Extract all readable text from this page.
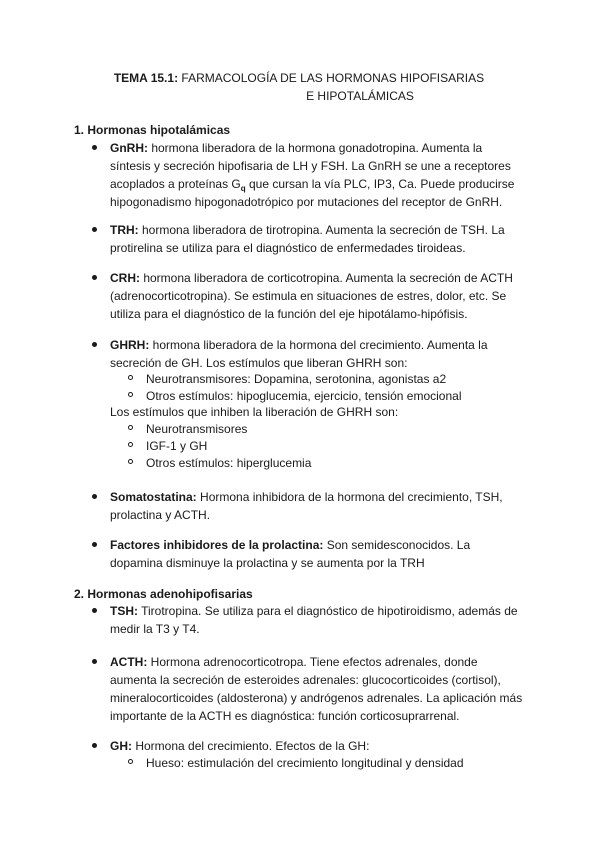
TEMA 15.1: FARMACOLOGÍA DE LAS HORMONAS HIPOFISARIAS
E HIPOTALÁMICAS
1. Hormonas hipotalámicas
GnRH: hormona liberadora de la hormona gonadotropina. Aumenta la
síntesis y secreción hipofisaria de LH y FSH. La GnRH se une a receptores
acoplados a proteínas $G_q$ que cursan la vía PLC, IP3, Ca. Puede producirse
hipogonadismo hipogonadotrópico por mutaciones del receptor de GnRH.
TRH: hormona liberadora de tirotropina. Aumenta la secreción de TSH. La
protirelina se utiliza para el diagnóstico de enfermedades tiroideas.
CRH: hormona liberadora de corticotropina. Aumenta la secreción de ACTH
(adrenocorticotropina). Se estimula en situaciones de estres, dolor, etc. Se
utiliza para el diagnóstico de la función del eje hipotálamo-hipófisis.
GHRH: hormona liberadora de la hormona del crecimiento. Aumenta la
secreción de GH. Los estímulos que liberan GHRH son:
Neurotransmisores: Dopamina, serotonina, agonistas a2
Otros estímulos: hipoglucemia, ejercicio, tensión emocional
Los estímulos que inhiben la liberación de GHRH son:
Neurotransmisores
IGF-1 y GH
Otros estímulos: hiperglucemia
Somatostatina: Hormona inhibidora de la hormona del crecimiento, TSH,
prolactina y ACTH.
Factores inhibidores de la prolactina: Son semidesconocidos. La
dopamina disminuye la prolactina y se aumenta por la TRH
2. Hormonas adenohipofisarias
TSH: Tirotropina. Se utiliza para el diagnóstico de hipotiroidismo, además de
medir la T3 y T4.
ACTH: Hormona adrenocorticotropa. Tiene efectos adrenales, donde
aumenta la secreción de esteroides adrenales: glucocorticoides (cortisol),
mineralocorticoides (aldosterona) y andrógenos adrenales. La aplicación más
importante de la ACTH es diagnóstica: función corticosuprarrenal.
GH: Hormona del crecimiento. Efectos de la GH:
Hueso: estimulación del crecimiento longitudinal y densidad
